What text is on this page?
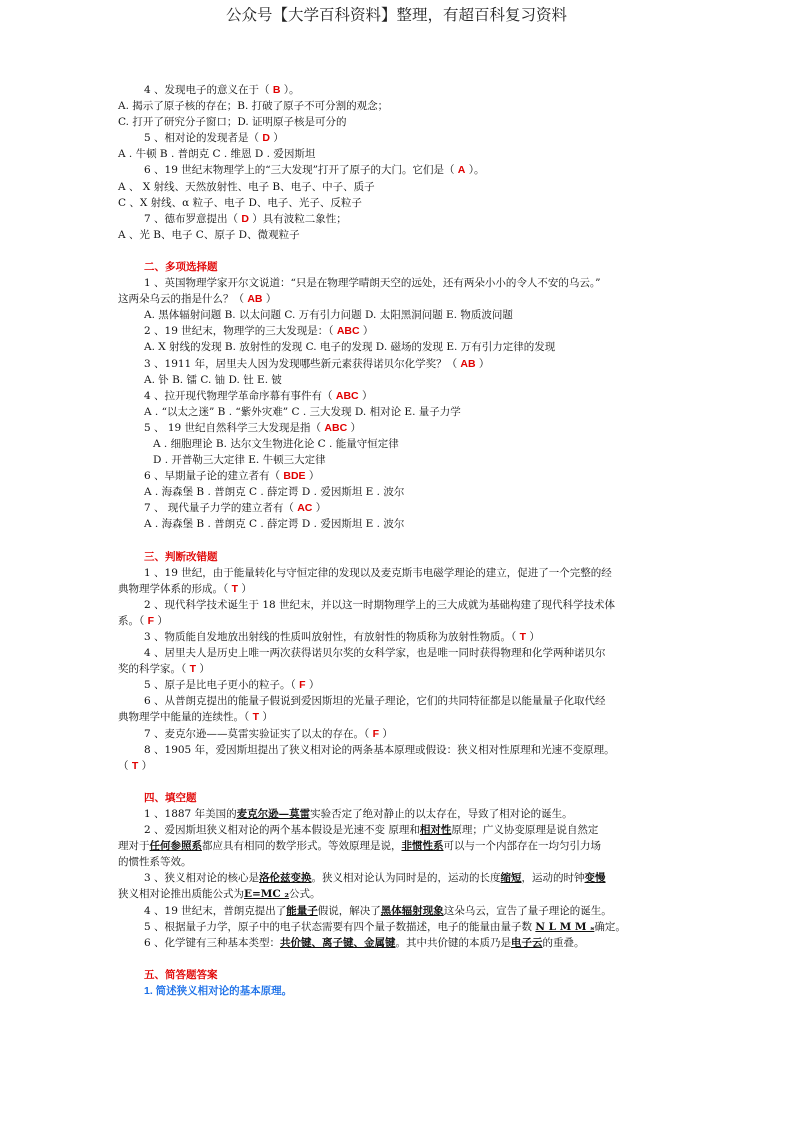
公众号【大学百科资料】整理，有超百科复习资料
4 、发现电子的意义在于（ B ）。
A. 揭示了原子核的存在；B. 打破了原子不可分割的观念；
C. 打开了研究分子窗口；D. 证明原子核是可分的
5 、相对论的发现者是（ D ）
A . 牛顿 B . 普朗克 C . 维恩 D . 爱因斯坦
6 、19 世纪末物理学上的“三大发现”打开了原子的大门。它们是（ A ）。
A 、 X 射线、天然放射性、电子 B、电子、中子、质子
C 、X 射线、α 粒子、电子 D、电子、光子、反粒子
7 、德布罗意提出（ D ）具有波粒二象性；
A 、光 B、电子 C、原子 D、微观粒子
二、多项选择题
1 、英国物理学家开尔文说道：“只是在物理学晴朗天空的远处，还有两朵小小的令人不安的乌云。”
这两朵乌云的指是什么？（ AB ）
A. 黑体辐射问题 B. 以太问题 C. 万有引力问题 D. 太阳黑洞问题 E. 物质波问题
2 、19 世纪末，物理学的三大发现是：（ ABC ）
A. X 射线的发现 B. 放射性的发现 C. 电子的发现 D. 磁场的发现 E. 万有引力定律的发现
3 、1911 年，居里夫人因为发现哪些新元素获得诺贝尔化学奖？（ AB ）
A. 钋 B. 镭 C. 铀 D. 钍 E. 铍
4 、拉开现代物理学革命序幕有事件有（ ABC ）
A . “以太之迷” B . “紫外灾难” C . 三大发现 D. 相对论 E. 量子力学
5 、 19 世纪自然科学三大发现是指（ ABC ）
A . 细胞理论 B. 达尔文生物进化论 C . 能量守恒定律
D . 开普勒三大定律 E. 牛顿三大定律
6 、早期量子论的建立者有（ BDE ）
A . 海森堡 B . 普朗克 C . 薛定谔 D . 爱因斯坦 E . 波尔
7 、 现代量子力学的建立者有（ AC ）
A . 海森堡 B . 普朗克 C . 薛定谔 D . 爱因斯坦 E . 波尔
三、判断改错题
1 、19 世纪，由于能量转化与守恒定律的发现以及麦克斯韦电磁学理论的建立，促进了一个完整的经
典物理学体系的形成。（ T ）
2 、现代科学技术诞生于 18 世纪末，并以这一时期物理学上的三大成就为基础构建了现代科学技术体
系。（ F ）
3 、物质能自发地放出射线的性质叫放射性，有放射性的物质称为放射性物质。（ T ）
4 、居里夫人是历史上唯一两次获得诺贝尔奖的女科学家，也是唯一同时获得物理和化学两种诺贝尔
奖的科学家。（ T ）
5 、原子是比电子更小的粒子。（ F ）
6 、从普朗克提出的能量子假说到爱因斯坦的光量子理论，它们的共同特征都是以能量量子化取代经
典物理学中能量的连续性。（ T ）
7 、麦克尔逊——莫雷实验证实了以太的存在。（ F ）
8 、1905 年，爱因斯坦提出了狭义相对论的两条基本原理或假设：狭义相对性原理和光速不变原理。
（ T ）
四、填空题
1 、1887 年美国的麦克尔逊—莫雷实验否定了绝对静止的以太存在，导致了相对论的诞生。
2 、爱因斯坦狭义相对论的两个基本假设是光速不变 原理和相对性原理；广义协变原理是说自然定
理对于任何参照系都应具有相同的数学形式。等效原理是说，非惯性系可以与一个内部存在一均匀引力场
的惯性系等效。
3 、狭义相对论的核心是洛伦兹变换。狭义相对论认为同时是的，运动的长度缩短，运动的时钟变慢
狭义相对论推出质能公式为E=MC ₂公式。
4 、19 世纪末，普朗克提出了能量子假说，解决了黑体辐射现象这朵乌云，宣告了量子理论的诞生。
5 、根据量子力学，原子中的电子状态需要有四个量子数描述，电子的能量由量子数 N L M M ₛ确定。
6 、化学键有三种基本类型：共价键、离子键、金属键。其中共价键的本质乃是电子云的重叠。
五、简答题答案
1. 简述狭义相对论的基本原理。
